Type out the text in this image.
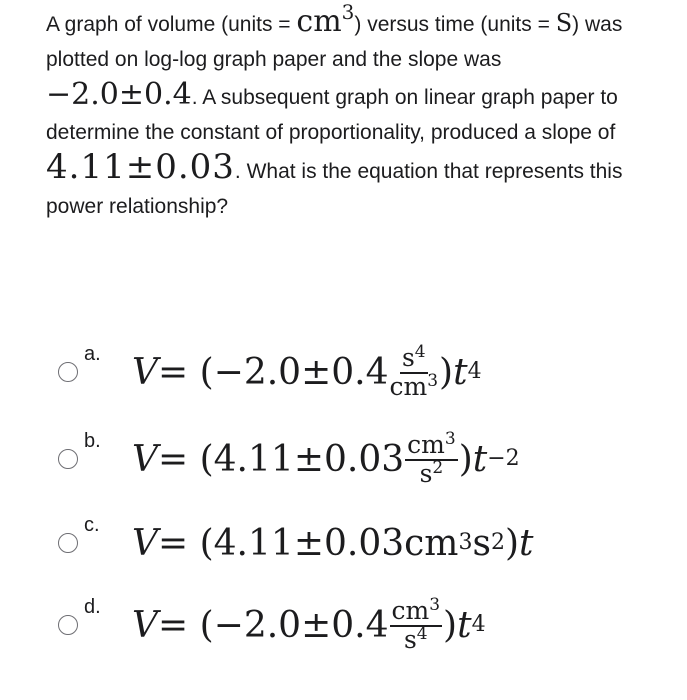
A graph of volume (units = $cm^3$) versus time (units = S) was plotted on log-log graph paper and the slope was −2.0±0.4. A subsequent graph on linear graph paper to determine the constant of proportionality, produced a slope of 4.11±0.03. What is the equation that represents this power relationship?
a. V = ( $-2.0\pm 0.4 \frac{s^4}{cm^3}$ ) t 4
b. V = ( $4.11\pm 0.03 \frac{cm^3}{s^2}$ ) t −2
c. V = ( 4.11±0.03 cm 3 s 2 ) t
d. V = ( $-2.0\pm 0.4 \frac{cm^3}{s^4}$ ) t 4
